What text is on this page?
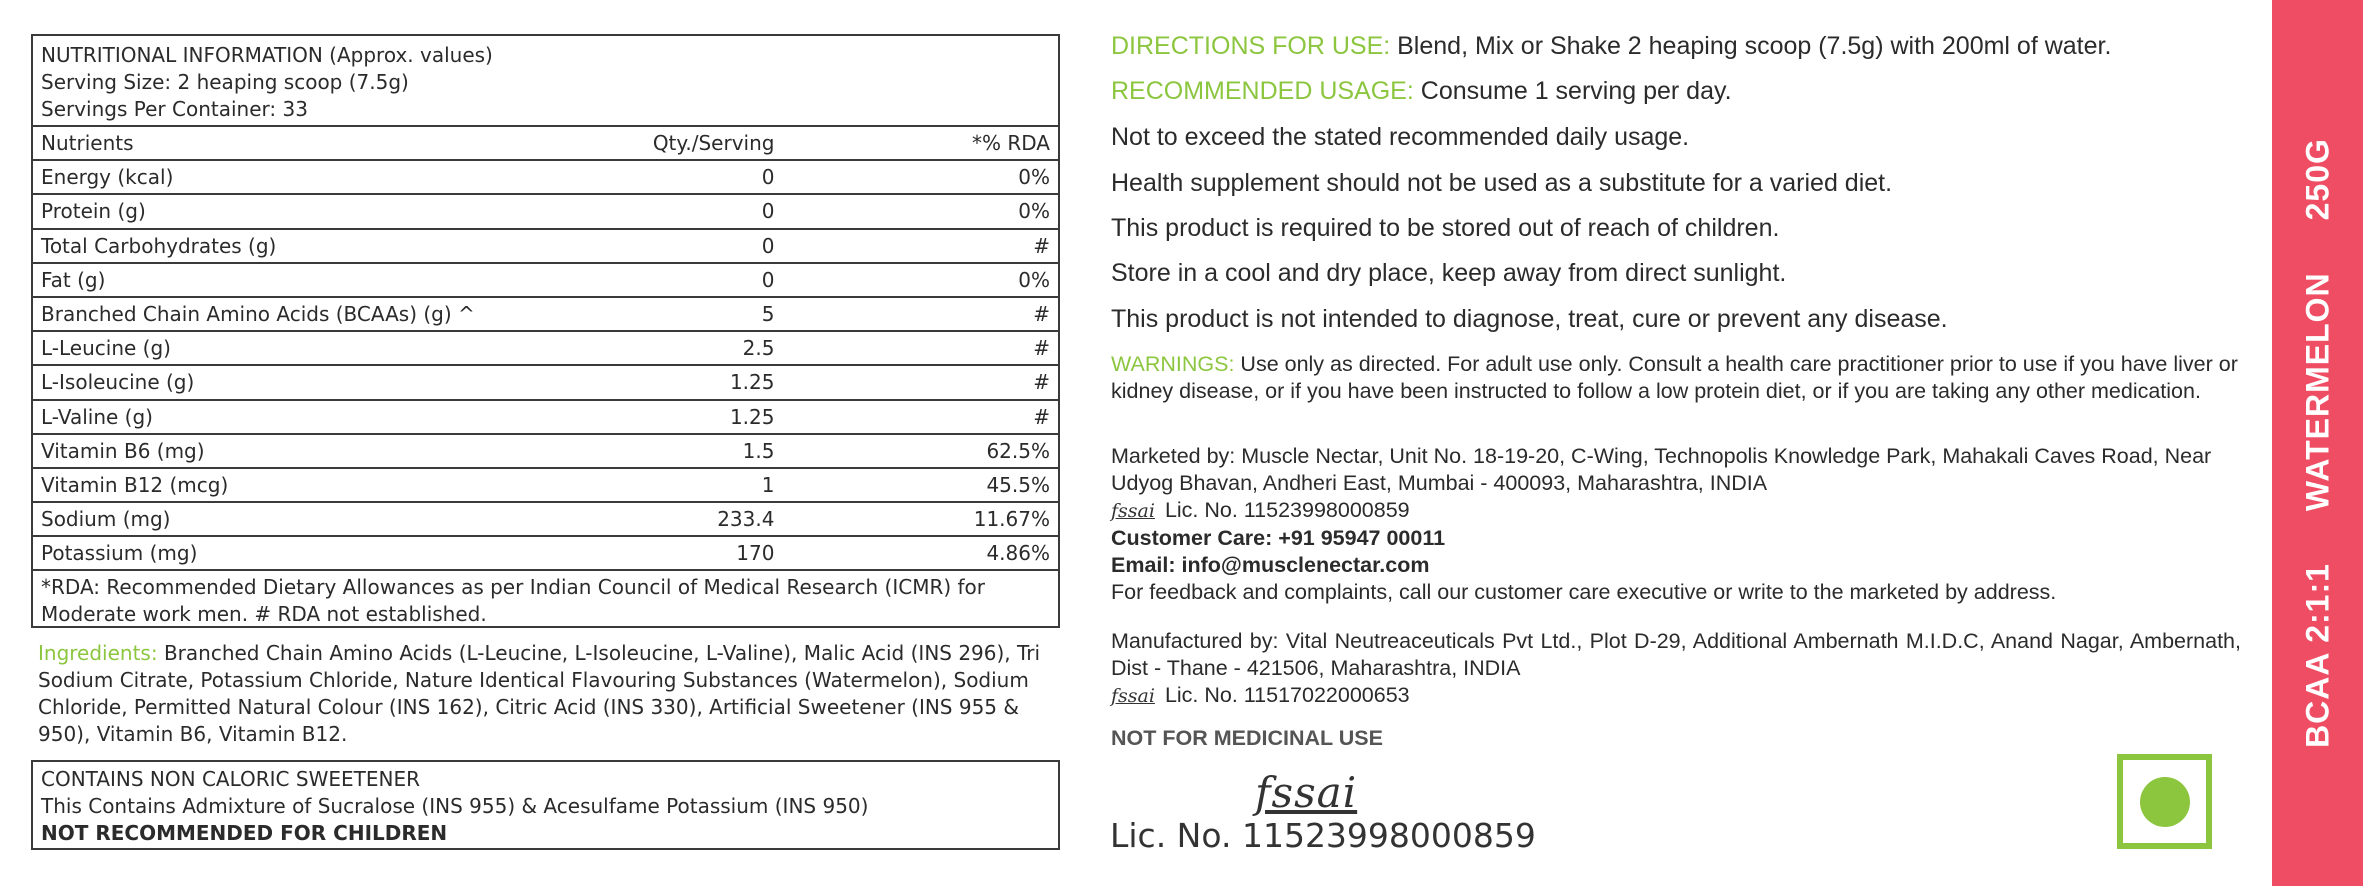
NUTRITIONAL INFORMATION (Approx. values)
Serving Size: 2 heaping scoop (7.5g)
Servings Per Container: 33
Nutrients	Qty./Serving	*% RDA
Energy (kcal)	0	0%
Protein (g)	0	0%
Total Carbohydrates (g)	0	#
Fat (g)	0	0%
Branched Chain Amino Acids (BCAAs) (g) ^	5	#
L-Leucine (g)	2.5	#
L-Isoleucine (g)	1.25	#
L-Valine (g)	1.25	#
Vitamin B6 (mg)	1.5	62.5%
Vitamin B12 (mcg)	1	45.5%
Sodium (mg)	233.4	11.67%
Potassium (mg)	170	4.86%
*RDA: Recommended Dietary Allowances as per Indian Council of Medical Research (ICMR) for Moderate work men. # RDA not established.
Ingredients: Branched Chain Amino Acids (L-Leucine, L-Isoleucine, L-Valine), Malic Acid (INS 296), Tri Sodium Citrate, Potassium Chloride, Nature Identical Flavouring Substances (Watermelon), Sodium Chloride, Permitted Natural Colour (INS 162), Citric Acid (INS 330), Artificial Sweetener (INS 955 & 950), Vitamin B6, Vitamin B12.
CONTAINS NON CALORIC SWEETENER
This Contains Admixture of Sucralose (INS 955) & Acesulfame Potassium (INS 950)
NOT RECOMMENDED FOR CHILDREN
DIRECTIONS FOR USE: Blend, Mix or Shake 2 heaping scoop (7.5g) with 200ml of water.
RECOMMENDED USAGE: Consume 1 serving per day.
Not to exceed the stated recommended daily usage.
Health supplement should not be used as a substitute for a varied diet.
This product is required to be stored out of reach of children.
Store in a cool and dry place, keep away from direct sunlight.
This product is not intended to diagnose, treat, cure or prevent any disease.
WARNINGS: Use only as directed. For adult use only. Consult a health care practitioner prior to use if you have liver or kidney disease, or if you have been instructed to follow a low protein diet, or if you are taking any other medication.
Marketed by: Muscle Nectar, Unit No. 18-19-20, C-Wing, Technopolis Knowledge Park, Mahakali Caves Road, Near Udyog Bhavan, Andheri East, Mumbai - 400093, Maharashtra, INDIA
fssai Lic. No. 11523998000859
Customer Care: +91 95947 00011
Email: info@musclenectar.com
For feedback and complaints, call our customer care executive or write to the marketed by address.
Manufactured by: Vital Neutreaceuticals Pvt Ltd., Plot D-29, Additional Ambernath M.I.D.C, Anand Nagar, Ambernath, Dist - Thane - 421506, Maharashtra, INDIA
fssai Lic. No. 11517022000653
NOT FOR MEDICINAL USE
fssai
Lic. No. 11523998000859
BCAA 2:1:1WATERMELON250G
